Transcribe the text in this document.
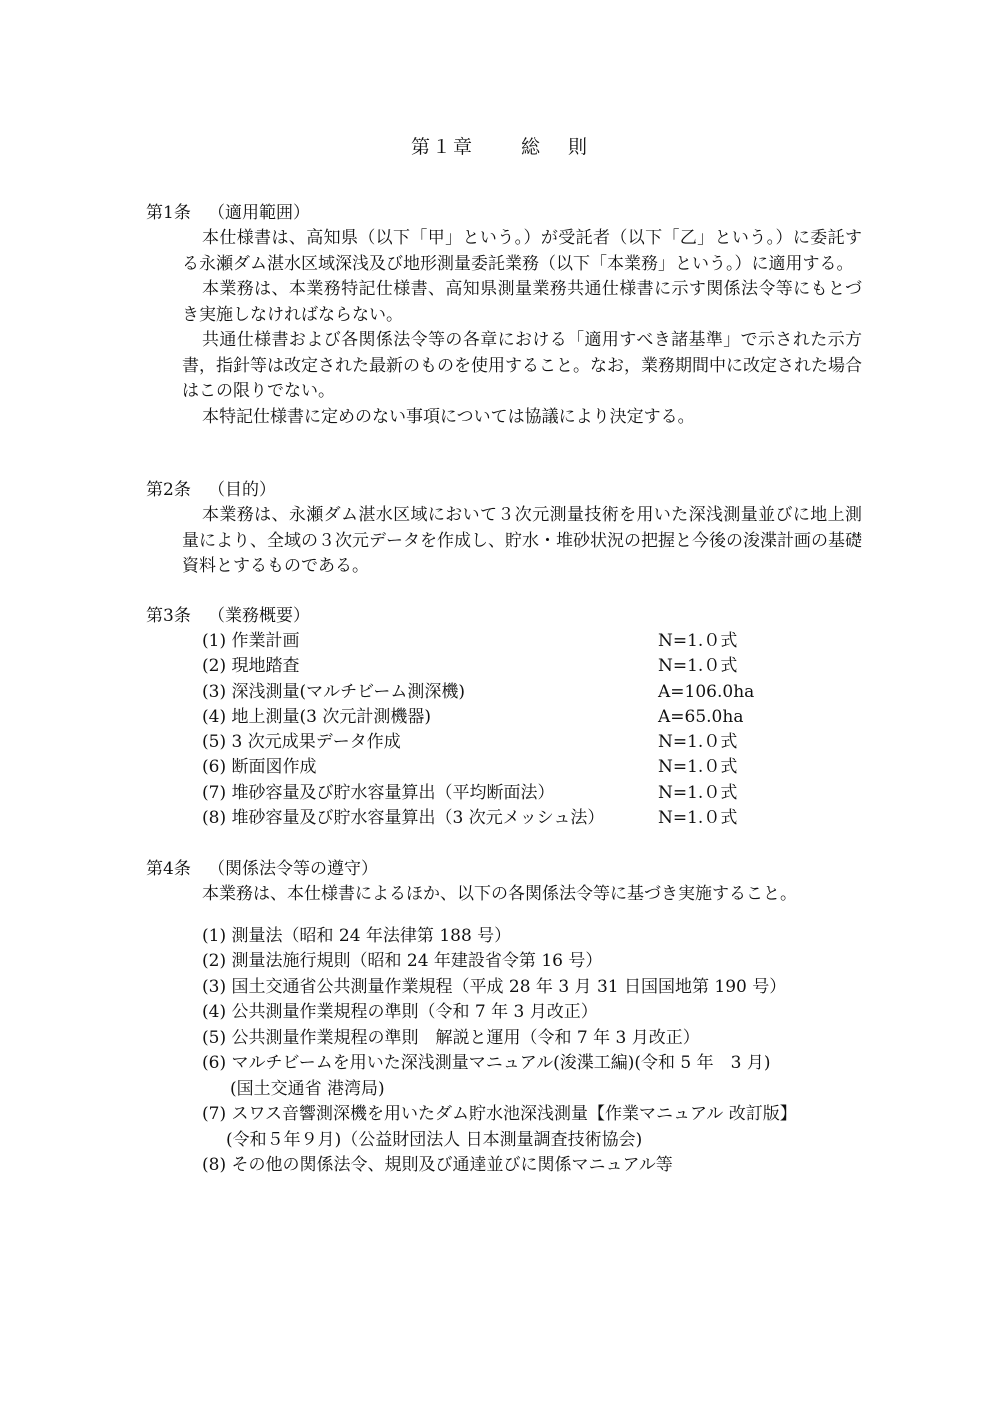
第１章　 総 則
第1条 （適用範囲）
本仕様書は、高知県（以下「甲」という。）が受託者（以下「乙」という。）に委託する永瀬ダム湛水区域深浅及び地形測量委託業務（以下「本業務」という。）に適用する。
本業務は、本業務特記仕様書、高知県測量業務共通仕様書に示す関係法令等にもとづき実施しなければならない。
共通仕様書および各関係法令等の各章における「適用すべき諸基準」で示された示方書，指針等は改定された最新のものを使用すること。なお，業務期間中に改定された場合はこの限りでない。
本特記仕様書に定めのない事項については協議により決定する。
第2条 （目的）
本業務は、永瀬ダム湛水区域において３次元測量技術を用いた深浅測量並びに地上測量により、全域の３次元データを作成し、貯水・堆砂状況の把握と今後の浚渫計画の基礎資料とするものである。
第3条 （業務概要）
(1) 作業計画	N=1.０式
(2) 現地踏査	N=1.０式
(3) 深浅測量(マルチビーム測深機)	A=106.0ha
(4) 地上測量(3 次元計測機器)	A=65.0ha
(5) 3 次元成果データ作成	N=1.０式
(6) 断面図作成	N=1.０式
(7) 堆砂容量及び貯水容量算出（平均断面法）	N=1.０式
(8) 堆砂容量及び貯水容量算出（3 次元メッシュ法）	N=1.０式
第4条 （関係法令等の遵守）
本業務は、本仕様書によるほか、以下の各関係法令等に基づき実施すること。
(1) 測量法（昭和 24 年法律第 188 号）
(2) 測量法施行規則（昭和 24 年建設省令第 16 号）
(3) 国土交通省公共測量作業規程（平成 28 年 3 月 31 日国国地第 190 号）
(4) 公共測量作業規程の準則（令和 7 年 3 月改正）
(5) 公共測量作業規程の準則　解説と運用（令和 7 年 3 月改正）
(6) マルチビームを用いた深浅測量マニュアル(浚渫工編)(令和 5 年　3 月)
(国土交通省 港湾局)
(7) スワス音響測深機を用いたダム貯水池深浅測量【作業マニュアル 改訂版】
(令和５年９月)（公益財団法人 日本測量調査技術協会)
(8) その他の関係法令、規則及び通達並びに関係マニュアル等
